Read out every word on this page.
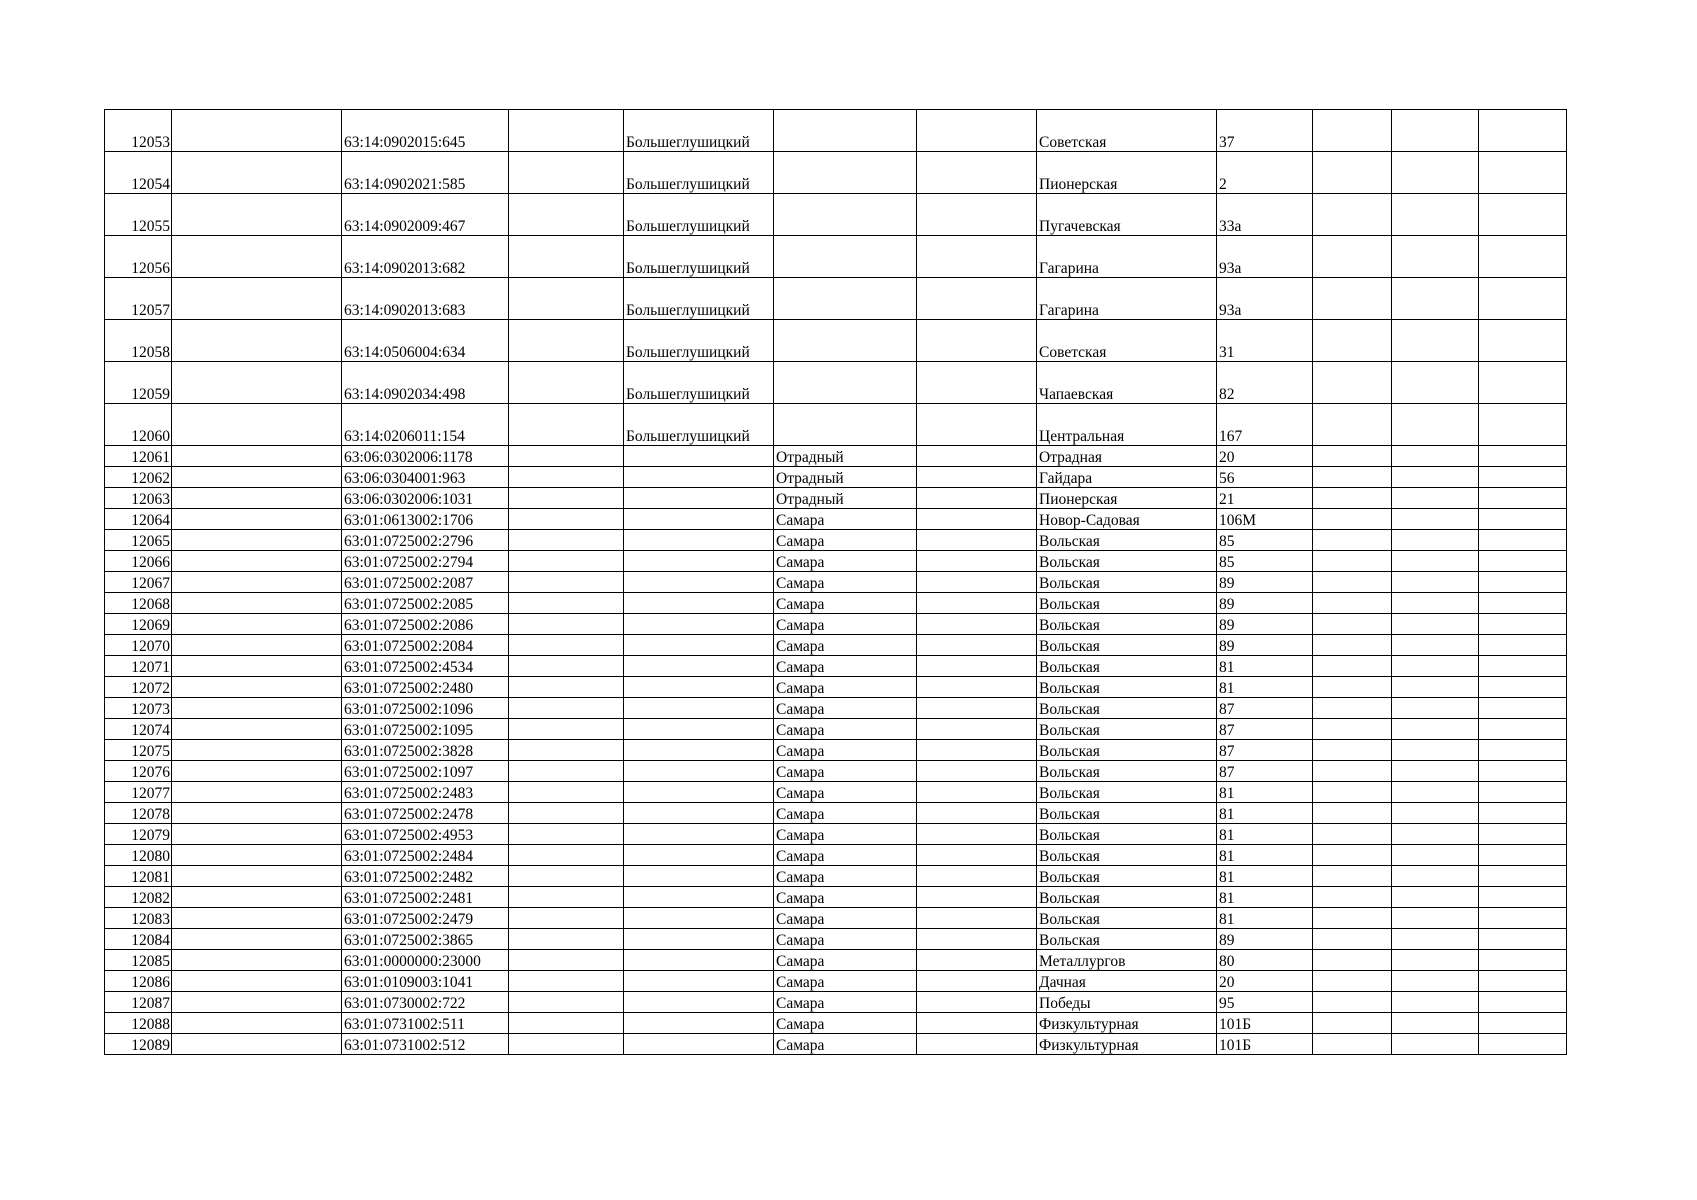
12053		63:14:0902015:645		Большеглушицкий			Советская	37			
12054		63:14:0902021:585		Большеглушицкий			Пионерская	2			
12055		63:14:0902009:467		Большеглушицкий			Пугачевская	33а			
12056		63:14:0902013:682		Большеглушицкий			Гагарина	93а			
12057		63:14:0902013:683		Большеглушицкий			Гагарина	93а			
12058		63:14:0506004:634		Большеглушицкий			Советская	31			
12059		63:14:0902034:498		Большеглушицкий			Чапаевская	82			
12060		63:14:0206011:154		Большеглушицкий			Центральная	167			
12061		63:06:0302006:1178			Отрадный		Отрадная	20			
12062		63:06:0304001:963			Отрадный		Гайдара	56			
12063		63:06:0302006:1031			Отрадный		Пионерская	21			
12064		63:01:0613002:1706			Самара		Новор-Садовая	106М			
12065		63:01:0725002:2796			Самара		Вольская	85			
12066		63:01:0725002:2794			Самара		Вольская	85			
12067		63:01:0725002:2087			Самара		Вольская	89			
12068		63:01:0725002:2085			Самара		Вольская	89			
12069		63:01:0725002:2086			Самара		Вольская	89			
12070		63:01:0725002:2084			Самара		Вольская	89			
12071		63:01:0725002:4534			Самара		Вольская	81			
12072		63:01:0725002:2480			Самара		Вольская	81			
12073		63:01:0725002:1096			Самара		Вольская	87			
12074		63:01:0725002:1095			Самара		Вольская	87			
12075		63:01:0725002:3828			Самара		Вольская	87			
12076		63:01:0725002:1097			Самара		Вольская	87			
12077		63:01:0725002:2483			Самара		Вольская	81			
12078		63:01:0725002:2478			Самара		Вольская	81			
12079		63:01:0725002:4953			Самара		Вольская	81			
12080		63:01:0725002:2484			Самара		Вольская	81			
12081		63:01:0725002:2482			Самара		Вольская	81			
12082		63:01:0725002:2481			Самара		Вольская	81			
12083		63:01:0725002:2479			Самара		Вольская	81			
12084		63:01:0725002:3865			Самара		Вольская	89			
12085		63:01:0000000:23000			Самара		Металлургов	80			
12086		63:01:0109003:1041			Самара		Дачная	20			
12087		63:01:0730002:722			Самара		Победы	95			
12088		63:01:0731002:511			Самара		Физкультурная	101Б			
12089		63:01:0731002:512			Самара		Физкультурная	101Б			
